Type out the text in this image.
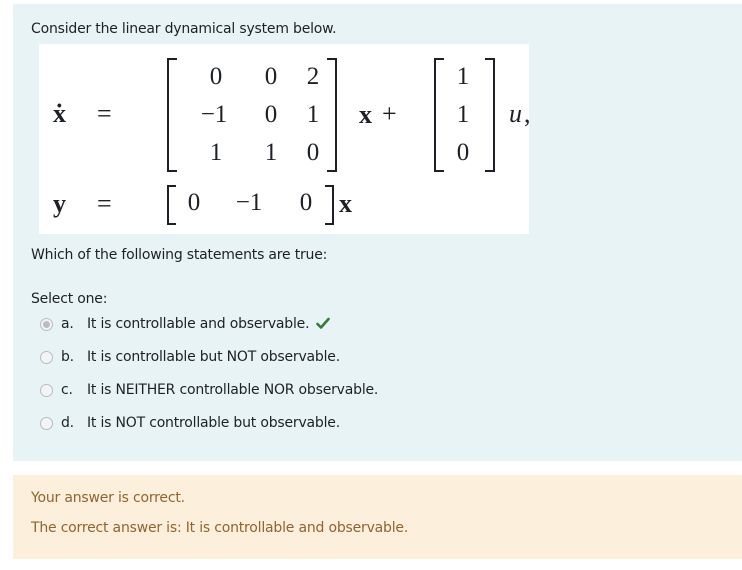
Consider the linear dynamical system below.
ẋ =
0	0	2
−1	0	1
1	1	0
x +
1
1
0
u ,
y =	0	−1	0	x
Which of the following statements are true:
Select one:
a. It is controllable and observable.
b. It is controllable but NOT observable.
c. It is NEITHER controllable NOR observable.
d. It is NOT controllable but observable.
Your answer is correct.
The correct answer is: It is controllable and observable.
